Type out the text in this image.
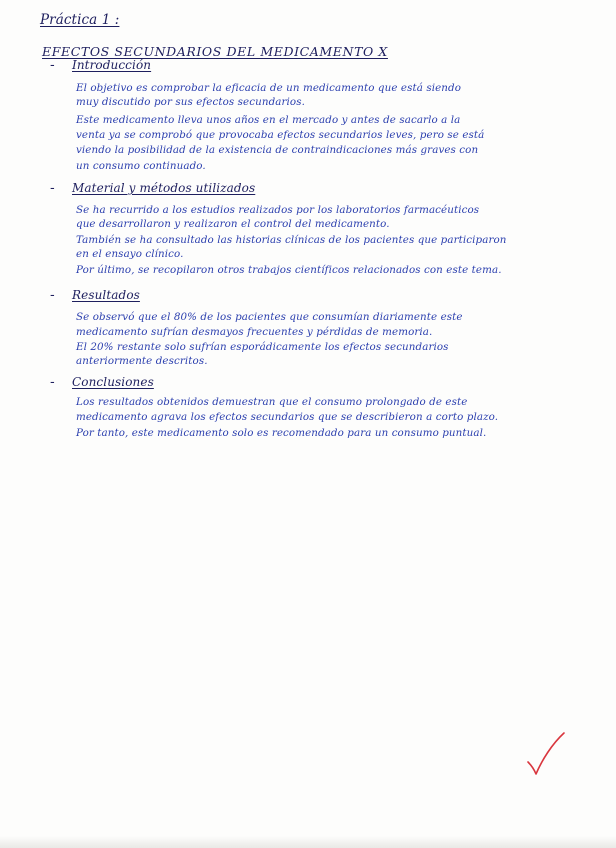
Práctica 1 :
EFECTOS SECUNDARIOS DEL MEDICAMENTO X
- Introducción
El objetivo es comprobar la eficacia de un medicamento que está siendo
muy discutido por sus efectos secundarios.
Este medicamento lleva unos años en el mercado y antes de sacarlo a la
venta ya se comprobó que provocaba efectos secundarios leves, pero se está
viendo la posibilidad de la existencia de contraindicaciones más graves con
un consumo continuado.
- Material y métodos utilizados
Se ha recurrido a los estudios realizados por los laboratorios farmacéuticos
que desarrollaron y realizaron el control del medicamento.
También se ha consultado las historias clínicas de los pacientes que participaron
en el ensayo clínico.
Por último, se recopilaron otros trabajos científicos relacionados con este tema.
- Resultados
Se observó que el 80% de los pacientes que consumían diariamente este
medicamento sufrían desmayos frecuentes y pérdidas de memoria.
El 20% restante solo sufrían esporádicamente los efectos secundarios
anteriormente descritos.
- Conclusiones
Los resultados obtenidos demuestran que el consumo prolongado de este
medicamento agrava los efectos secundarios que se describieron a corto plazo.
Por tanto, este medicamento solo es recomendado para un consumo puntual.
